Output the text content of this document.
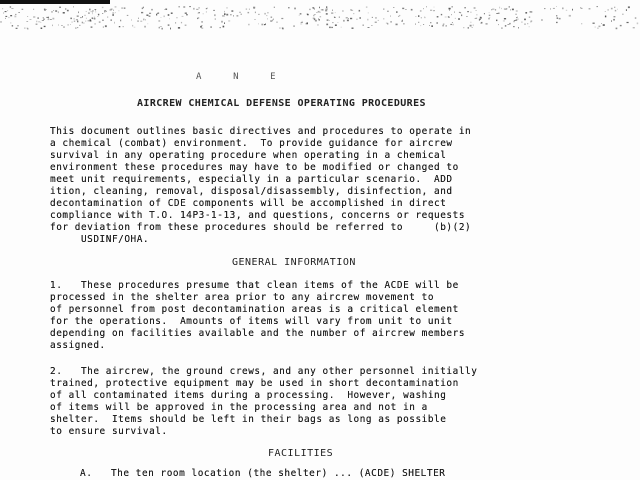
A    N    E
AIRCREW CHEMICAL DEFENSE OPERATING PROCEDURES
This document outlines basic directives and procedures to operate in
a chemical (combat) environment.  To provide guidance for aircrew
survival in any operating procedure when operating in a chemical
environment these procedures may have to be modified or changed to
meet unit requirements, especially in a particular scenario.  ADD
ition, cleaning, removal, disposal/disassembly, disinfection, and
decontamination of CDE components will be accomplished in direct
compliance with T.O. 14P3-1-13, and questions, concerns or requests
for deviation from these procedures should be referred to     (b)(2)
USDINF/OHA.
GENERAL INFORMATION
1.   These procedures presume that clean items of the ACDE will be
processed in the shelter area prior to any aircrew movement to
of personnel from post decontamination areas is a critical element
for the operations.  Amounts of items will vary from unit to unit
depending on facilities available and the number of aircrew members
assigned.
2.   The aircrew, the ground crews, and any other personnel initially
trained, protective equipment may be used in short decontamination
of all contaminated items during a processing.  However, washing
of items will be approved in the processing area and not in a
shelter.  Items should be left in their bags as long as possible
to ensure survival.
FACILITIES
A.   The ten room location (the shelter) ... (ACDE) SHELTER
